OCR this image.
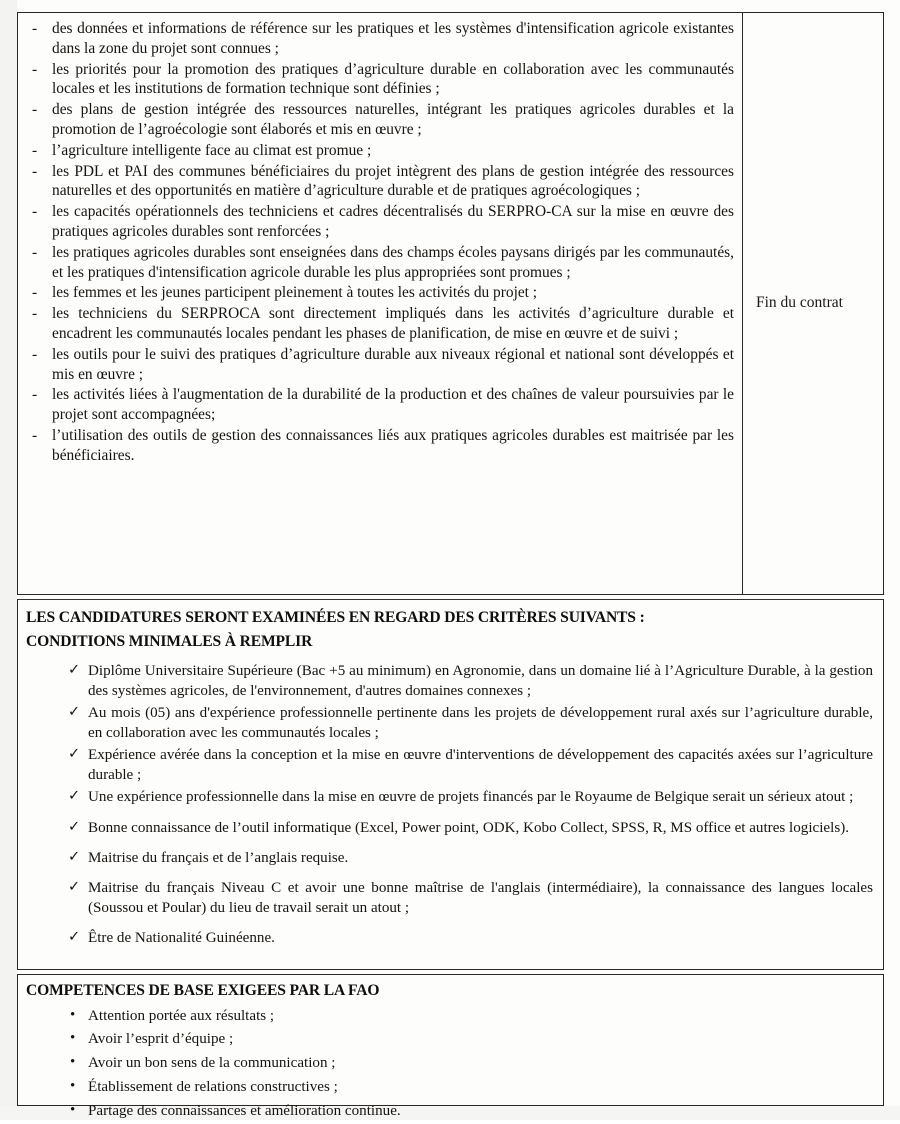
- des données et informations de référence sur les pratiques et les systèmes d'intensification agricole existantes dans la zone du projet sont connues ;
- les priorités pour la promotion des pratiques d’agriculture durable en collaboration avec les communautés locales et les institutions de formation technique sont définies ;
- des plans de gestion intégrée des ressources naturelles, intégrant les pratiques agricoles durables et la promotion de l’agroécologie sont élaborés et mis en œuvre ;
- l’agriculture intelligente face au climat est promue ;
- les PDL et PAI des communes bénéficiaires du projet intègrent des plans de gestion intégrée des ressources naturelles et des opportunités en matière d’agriculture durable et de pratiques agroécologiques ;
- les capacités opérationnels des techniciens et cadres décentralisés du SERPRO-CA sur la mise en œuvre des pratiques agricoles durables sont renforcées ;
- les pratiques agricoles durables sont enseignées dans des champs écoles paysans dirigés par les communautés, et les pratiques d'intensification agricole durable les plus appropriées sont promues ;
- les femmes et les jeunes participent pleinement à toutes les activités du projet ;
- les techniciens du SERPROCA sont directement impliqués dans les activités d’agriculture durable et encadrent les communautés locales pendant les phases de planification, de mise en œuvre et de suivi ;
- les outils pour le suivi des pratiques d’agriculture durable aux niveaux régional et national sont développés et mis en œuvre ;
- les activités liées à l'augmentation de la durabilité de la production et des chaînes de valeur poursuivies par le projet sont accompagnées;
- l’utilisation des outils de gestion des connaissances liés aux pratiques agricoles durables est maitrisée par les bénéficiaires.
Fin du contrat

LES CANDIDATURES SERONT EXAMINÉES EN REGARD DES CRITÈRES SUIVANTS :

CONDITIONS MINIMALES À REMPLIR

✓ Diplôme Universitaire Supérieure (Bac +5 au minimum) en Agronomie, dans un domaine lié à l’Agriculture Durable, à la gestion des systèmes agricoles, de l'environnement, d'autres domaines connexes ;
✓ Au mois (05) ans d'expérience professionnelle pertinente dans les projets de développement rural axés sur l’agriculture durable, en collaboration avec les communautés locales ;
✓ Expérience avérée dans la conception et la mise en œuvre d'interventions de développement des capacités axées sur l’agriculture durable ;
✓ Une expérience professionnelle dans la mise en œuvre de projets financés par le Royaume de Belgique serait un sérieux atout ;
✓ Bonne connaissance de l’outil informatique (Excel, Power point, ODK, Kobo Collect, SPSS, R, MS office et autres logiciels).
✓ Maitrise du français et de l’anglais requise.
✓ Maitrise du français Niveau C et avoir une bonne maîtrise de l'anglais (intermédiaire), la connaissance des langues locales (Soussou et Poular) du lieu de travail serait un atout ;
✓ Être de Nationalité Guinéenne.

COMPETENCES DE BASE EXIGEES PAR LA FAO

• Attention portée aux résultats ;
• Avoir l’esprit d’équipe ;
• Avoir un bon sens de la communication ;
• Établissement de relations constructives ;
• Partage des connaissances et amélioration continue.
